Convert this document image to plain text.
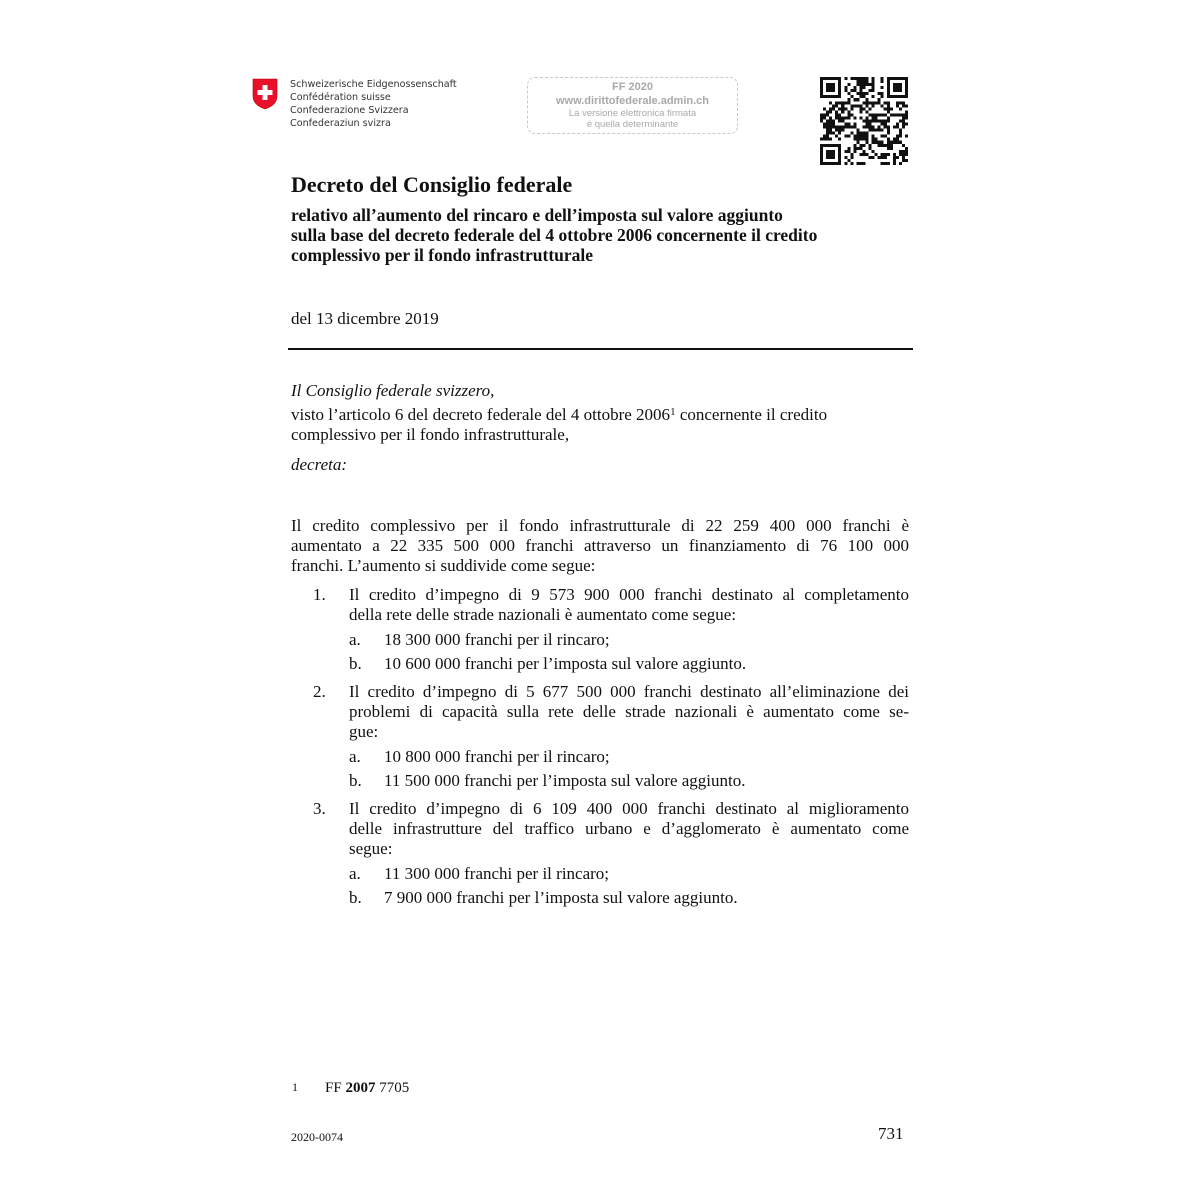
Schweizerische Eidgenossenschaft
Confédération suisse
Confederazione Svizzera
Confederaziun svizra
FF 2020
www.dirittofederale.admin.ch
La versione elettronica firmata
è quella determinante
Decreto del Consiglio federale
relativo all’aumento del rincaro e dell’imposta sul valore aggiunto
sulla base del decreto federale del 4 ottobre 2006 concernente il credito
complessivo per il fondo infrastrutturale
del 13 dicembre 2019
Il Consiglio federale svizzero,
visto l’articolo 6 del decreto federale del 4 ottobre 2006$^1$ concernente il credito
complessivo per il fondo infrastrutturale,
decreta:
Il credito complessivo per il fondo infrastrutturale di 22 259 400 000 franchi è
aumentato a 22 335 500 000 franchi attraverso un finanziamento di 76 100 000
franchi. L’aumento si suddivide come segue:
1. Il credito d’impegno di 9 573 900 000 franchi destinato al completamento
della rete delle strade nazionali è aumentato come segue:
a. 18 300 000 franchi per il rincaro;
b. 10 600 000 franchi per l’imposta sul valore aggiunto.
2. Il credito d’impegno di 5 677 500 000 franchi destinato all’eliminazione dei
problemi di capacità sulla rete delle strade nazionali è aumentato come se-
gue:
a. 10 800 000 franchi per il rincaro;
b. 11 500 000 franchi per l’imposta sul valore aggiunto.
3. Il credito d’impegno di 6 109 400 000 franchi destinato al miglioramento
delle infrastrutture del traffico urbano e d’agglomerato è aumentato come
segue:
a. 11 300 000 franchi per il rincaro;
b. 7 900 000 franchi per l’imposta sul valore aggiunto.
1 FF 2007 7705
2020-0074	731
